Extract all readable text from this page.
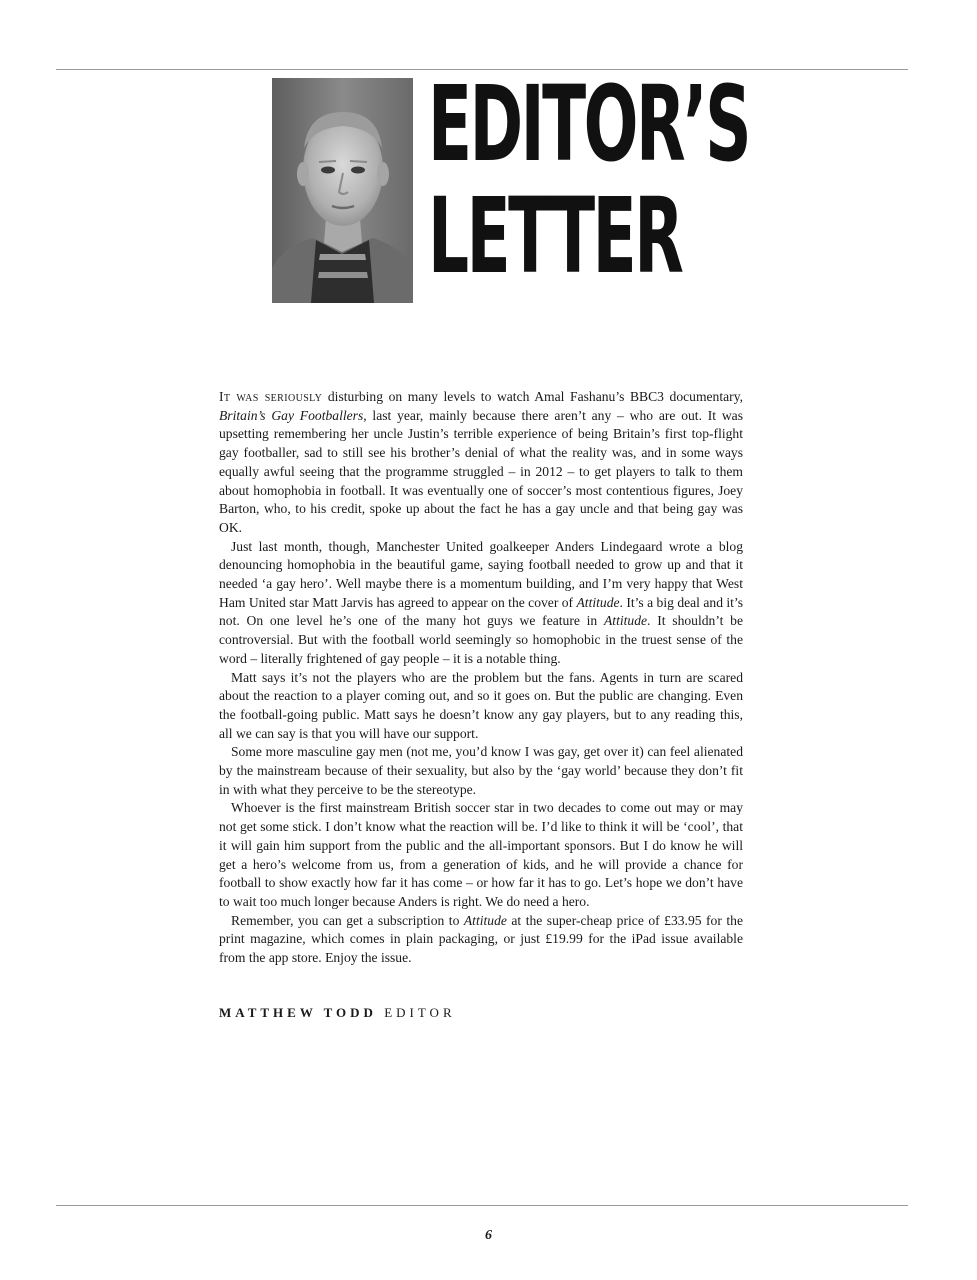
EDITOR’S
LETTER

It was seriously disturbing on many levels to watch Amal Fashanu’s BBC3 documentary, Britain’s Gay Footballers, last year, mainly because there aren’t any – who are out. It was upsetting remembering her uncle Justin’s terrible experience of being Britain’s first top-flight gay footballer, sad to still see his brother’s denial of what the reality was, and in some ways equally awful seeing that the programme struggled – in 2012 – to get players to talk to them about homophobia in football. It was eventually one of soccer’s most contentious figures, Joey Barton, who, to his credit, spoke up about the fact he has a gay uncle and that being gay was OK.

Just last month, though, Manchester United goalkeeper Anders Lindegaard wrote a blog denouncing homophobia in the beautiful game, saying football needed to grow up and that it needed ‘a gay hero’. Well maybe there is a momentum building, and I’m very happy that West Ham United star Matt Jarvis has agreed to appear on the cover of Attitude. It’s a big deal and it’s not. On one level he’s one of the many hot guys we feature in Attitude. It shouldn’t be controversial. But with the football world seemingly so homophobic in the truest sense of the word – literally frightened of gay people – it is a notable thing.

Matt says it’s not the players who are the problem but the fans. Agents in turn are scared about the reaction to a player coming out, and so it goes on. But the public are changing. Even the football-going public. Matt says he doesn’t know any gay players, but to any reading this, all we can say is that you will have our support.

Some more masculine gay men (not me, you’d know I was gay, get over it) can feel alienated by the mainstream because of their sexuality, but also by the ‘gay world’ because they don’t fit in with what they perceive to be the stereotype.

Whoever is the first mainstream British soccer star in two decades to come out may or may not get some stick. I don’t know what the reaction will be. I’d like to think it will be ‘cool’, that it will gain him support from the public and the all-important sponsors. But I do know he will get a hero’s welcome from us, from a generation of kids, and he will provide a chance for football to show exactly how far it has come – or how far it has to go. Let’s hope we don’t have to wait too much longer because Anders is right. We do need a hero.

Remember, you can get a subscription to Attitude at the super-cheap price of £33.95 for the print magazine, which comes in plain packaging, or just £19.99 for the iPad issue available from the app store. Enjoy the issue.

MATTHEW TODD EDITOR
6
